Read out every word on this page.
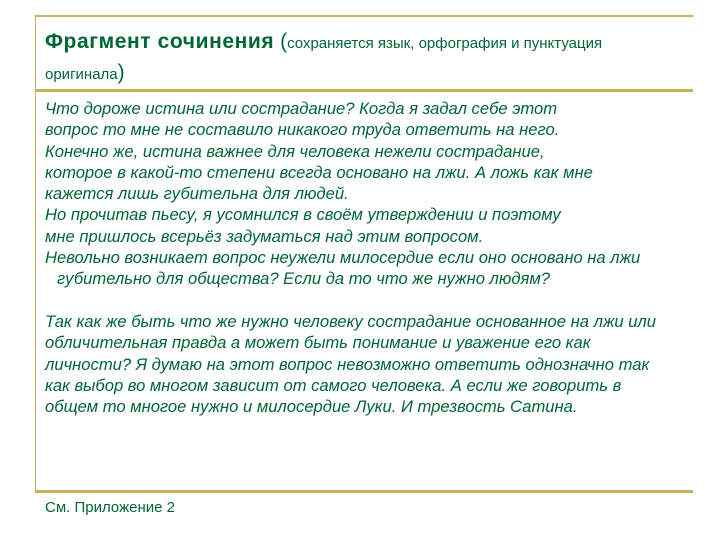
Фрагмент сочинения (сохраняется язык, орфография и пунктуация оригинала)

Что дороже истина или сострадание? Когда я задал себе этот

вопрос то мне не составило никакого труда ответить на него.

Конечно же, истина важнее для человека нежели сострадание,

которое в какой-то степени всегда основано на лжи. А ложь как мне

кажется лишь губительна для людей.

Но прочитав пьесу, я усомнился в своём утверждении и поэтому

мне пришлось всерьёз задуматься над этим вопросом.

Невольно возникает вопрос неужели милосердие если оно основано на лжи губительно для общества? Если да то что же нужно людям?

Так как же быть что же нужно человеку сострадание основанное на лжи или

обличительная правда а может быть понимание и уважение его как

личности? Я думаю на этот вопрос невозможно ответить однозначно так

как выбор во многом зависит от самого человека. А если же говорить в

общем то многое нужно и милосердие Луки. И трезвость Сатина.

См. Приложение 2
